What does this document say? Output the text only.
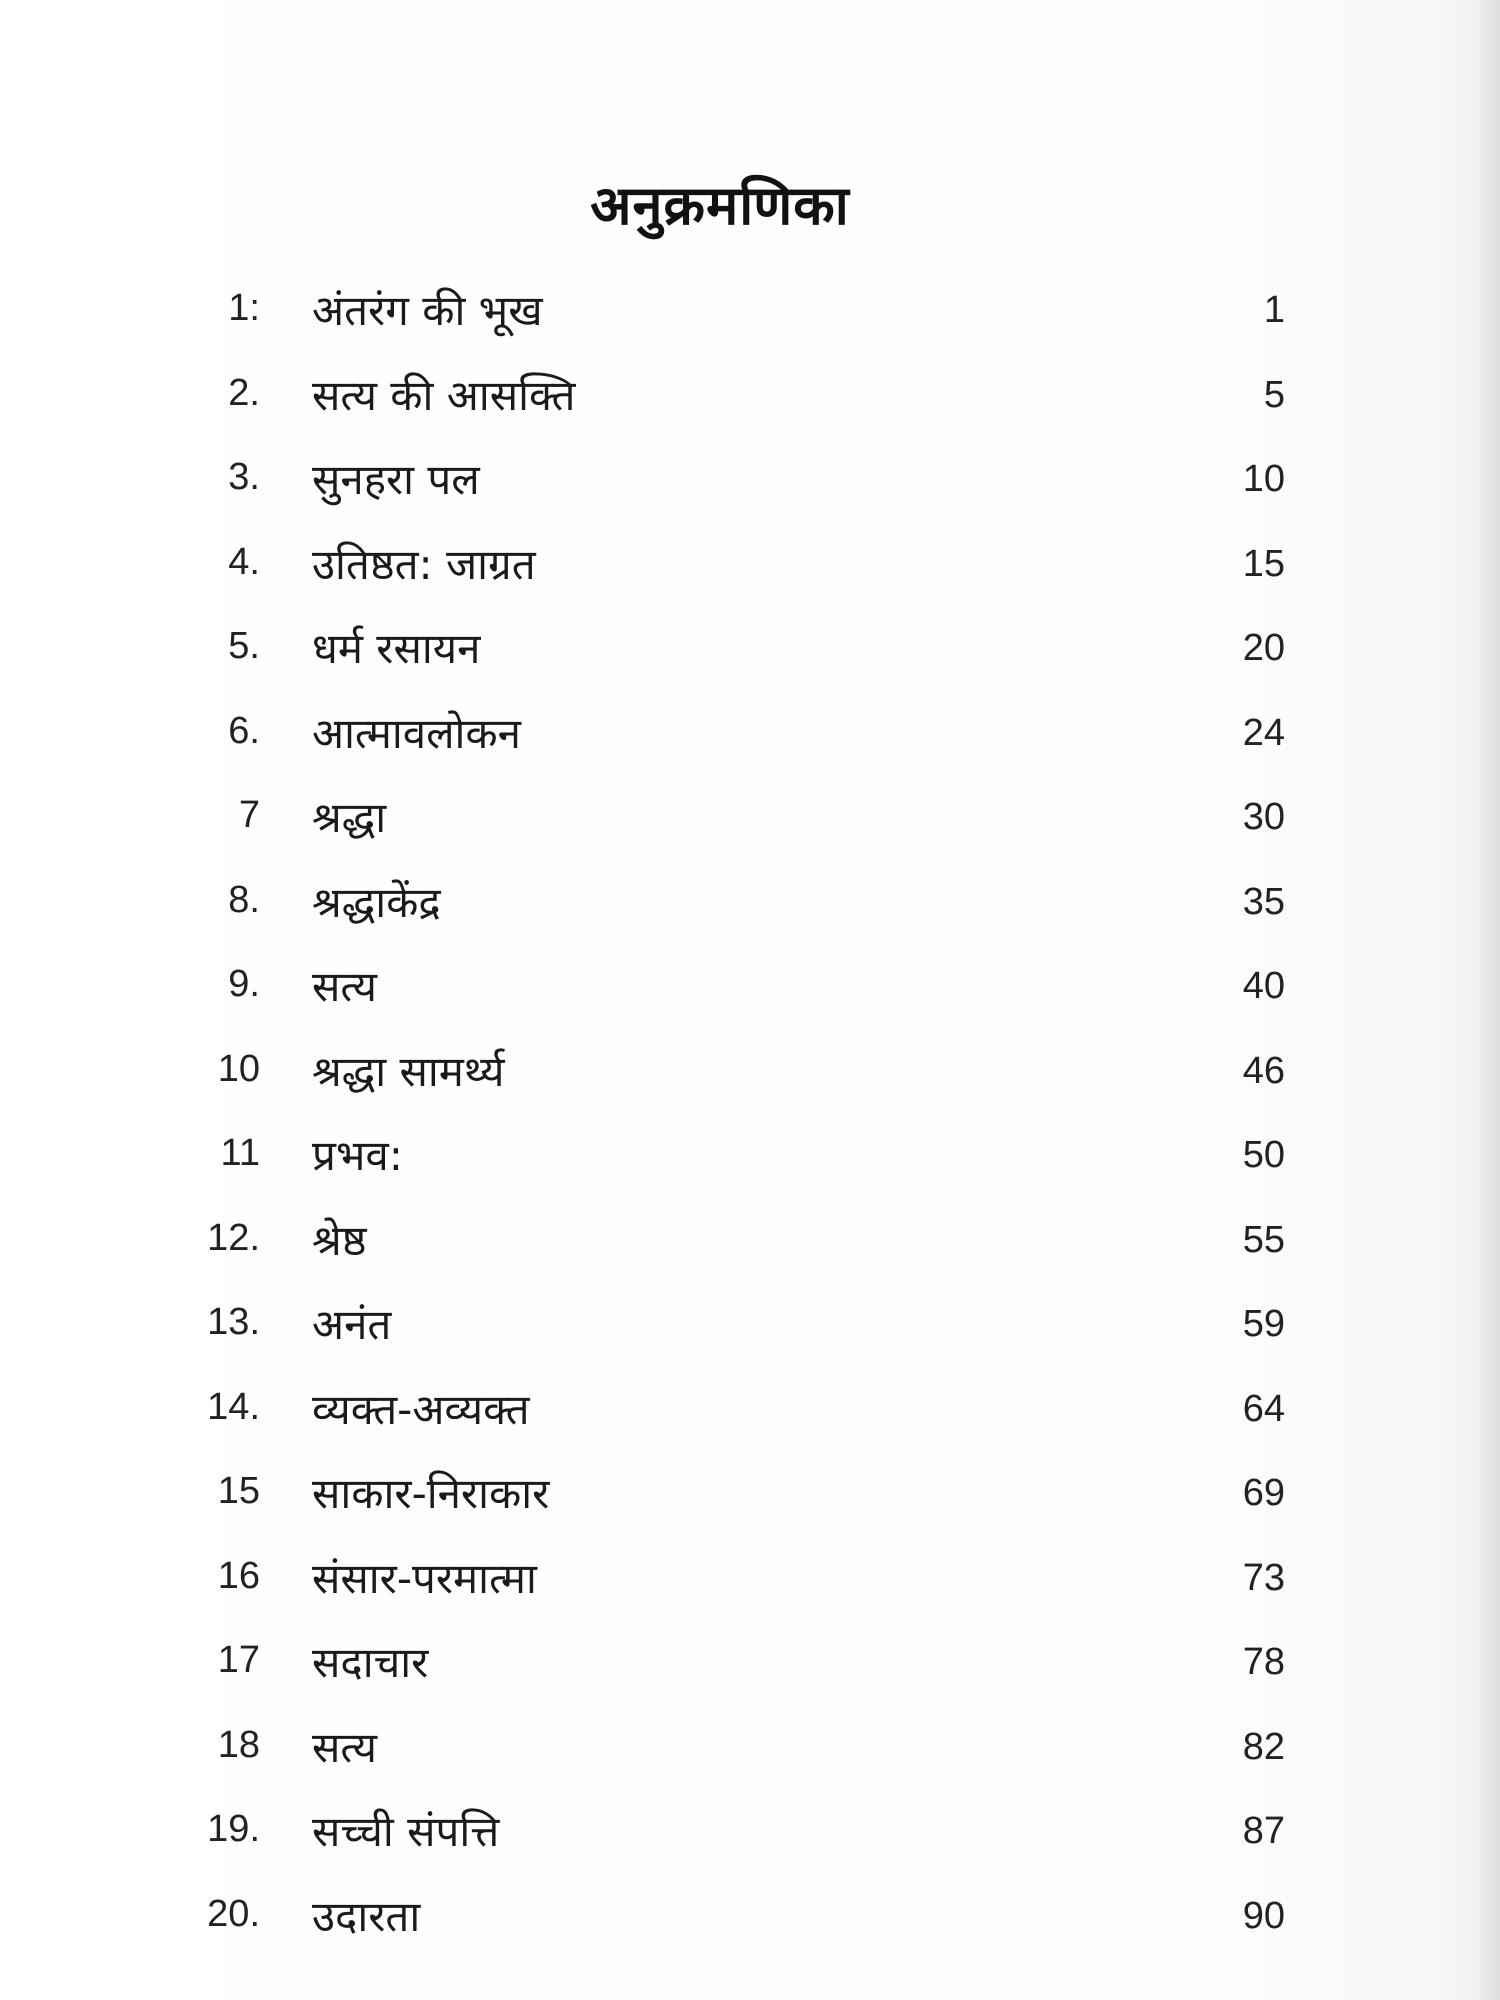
अनुक्रमणिका
1: अंतरंग की भूख	1
2. सत्य की आसक्ति	5
3. सुनहरा पल	10
4. उतिष्ठत: जाग्रत	15
5. धर्म रसायन	20
6. आत्मावलोकन	24
7 श्रद्धा	30
8. श्रद्धाकेंद्र	35
9. सत्य	40
10 श्रद्धा सामर्थ्य	46
11 प्रभव:	50
12. श्रेष्ठ	55
13. अनंत	59
14. व्यक्त-अव्यक्त	64
15 साकार-निराकार	69
16 संसार-परमात्मा	73
17 सदाचार	78
18 सत्य	82
19. सच्ची संपत्ति	87
20. उदारता	90
